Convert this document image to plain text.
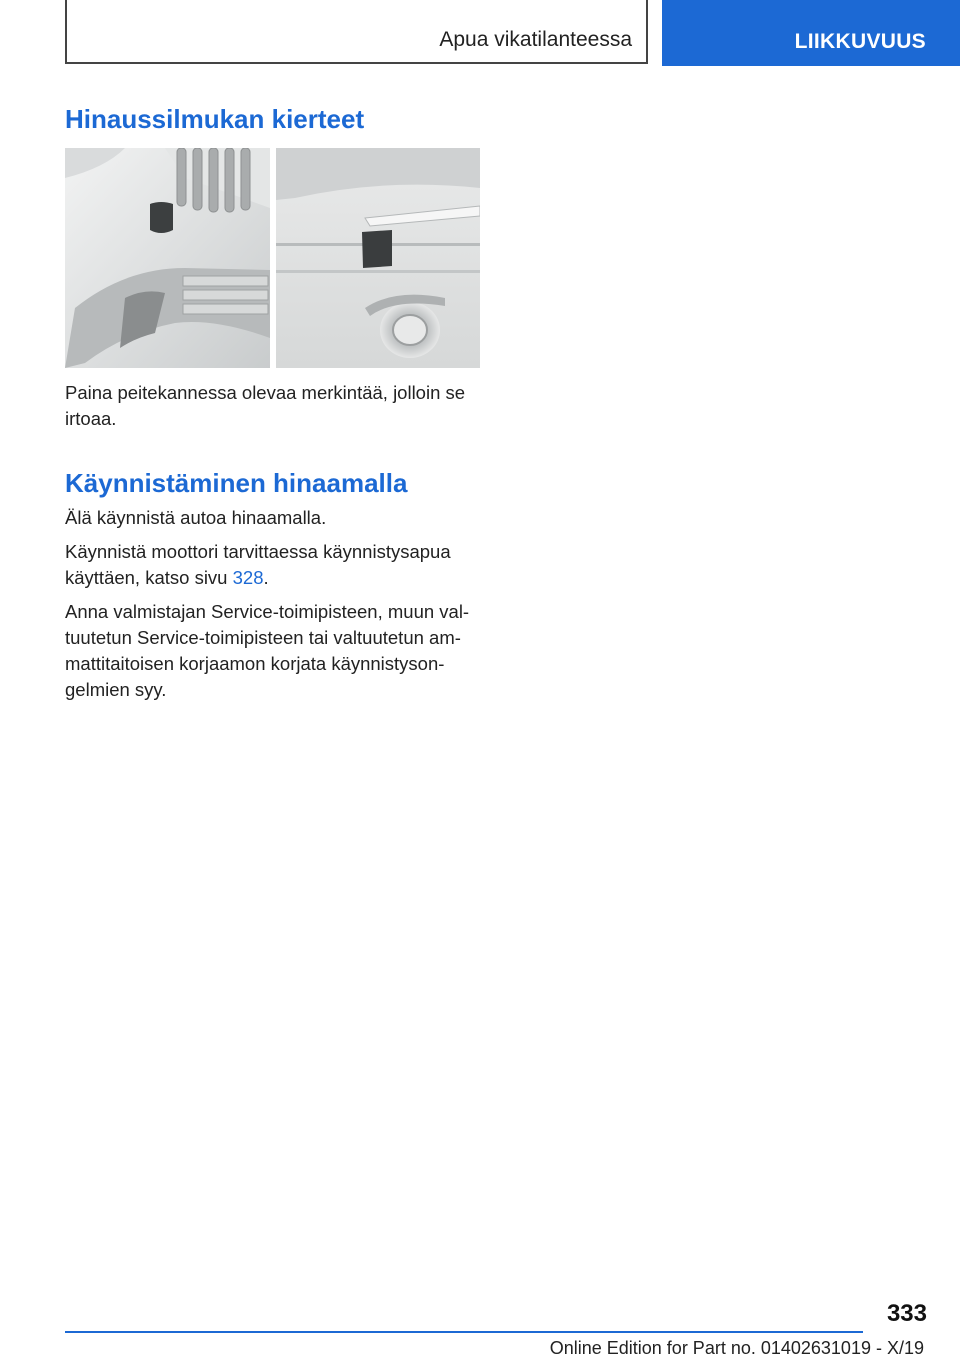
Apua vikatilanteessa	LIIKKUVUUS
Hinaussilmukan kierteet

Paina peitekannessa olevaa merkintää, jolloin se irtoaa.

Käynnistäminen hinaamalla

Älä käynnistä autoa hinaamalla.

Käynnistä moottori tarvittaessa käynnistysapua käyttäen, katso sivu 328.

Anna valmistajan Service-toimipisteen, muun val-tuutetun Service-toimipisteen tai valtuutetun am-mattitaitoisen korjaamon korjata käynnistyson-gelmien syy.

333
Online Edition for Part no. 01402631019 - X/19
